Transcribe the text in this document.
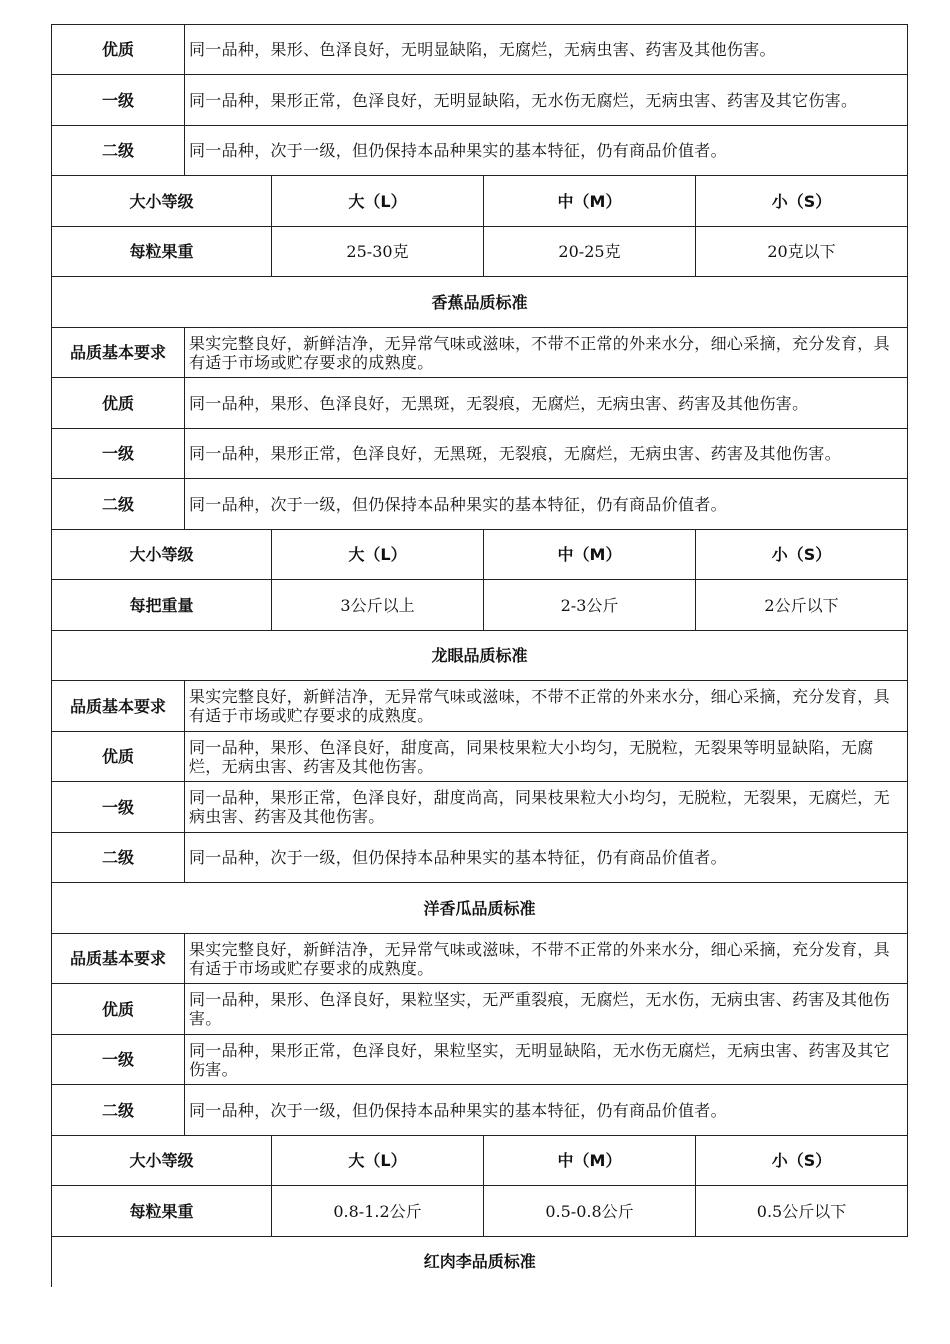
优质	同一品种，果形、色泽良好，无明显缺陷，无腐烂，无病虫害、药害及其他伤害。			
一级	同一品种，果形正常，色泽良好，无明显缺陷，无水伤无腐烂，无病虫害、药害及其它伤害。			
二级	同一品种，次于一级，但仍保持本品种果实的基本特征，仍有商品价值者。			
大小等级		大（L）	中（M）	小（S）
每粒果重		25-30克	20-25克	20克以下
香蕉品质标准				
品质基本要求	果实完整良好，新鲜洁净，无异常气味或滋味，不带不正常的外来水分，细心采摘，充分发育，具有适于市场或贮存要求的成熟度。			
优质	同一品种，果形、色泽良好，无黑斑，无裂痕，无腐烂，无病虫害、药害及其他伤害。			
一级	同一品种，果形正常，色泽良好，无黑斑，无裂痕，无腐烂，无病虫害、药害及其他伤害。			
二级	同一品种，次于一级，但仍保持本品种果实的基本特征，仍有商品价值者。			
大小等级		大（L）	中（M）	小（S）
每把重量		3公斤以上	2-3公斤	2公斤以下
龙眼品质标准				
品质基本要求	果实完整良好，新鲜洁净，无异常气味或滋味，不带不正常的外来水分，细心采摘，充分发育，具有适于市场或贮存要求的成熟度。			
优质	同一品种，果形、色泽良好，甜度高，同果枝果粒大小均匀，无脱粒，无裂果等明显缺陷，无腐烂，无病虫害、药害及其他伤害。			
一级	同一品种，果形正常，色泽良好，甜度尚高，同果枝果粒大小均匀，无脱粒，无裂果，无腐烂，无病虫害、药害及其他伤害。			
二级	同一品种，次于一级，但仍保持本品种果实的基本特征，仍有商品价值者。			
洋香瓜品质标准				
品质基本要求	果实完整良好，新鲜洁净，无异常气味或滋味，不带不正常的外来水分，细心采摘，充分发育，具有适于市场或贮存要求的成熟度。			
优质	同一品种，果形、色泽良好，果粒坚实，无严重裂痕，无腐烂，无水伤，无病虫害、药害及其他伤害。			
一级	同一品种，果形正常，色泽良好，果粒坚实，无明显缺陷，无水伤无腐烂，无病虫害、药害及其它伤害。			
二级	同一品种，次于一级，但仍保持本品种果实的基本特征，仍有商品价值者。			
大小等级		大（L）	中（M）	小（S）
每粒果重		0.8-1.2公斤	0.5-0.8公斤	0.5公斤以下
红肉李品质标准				
